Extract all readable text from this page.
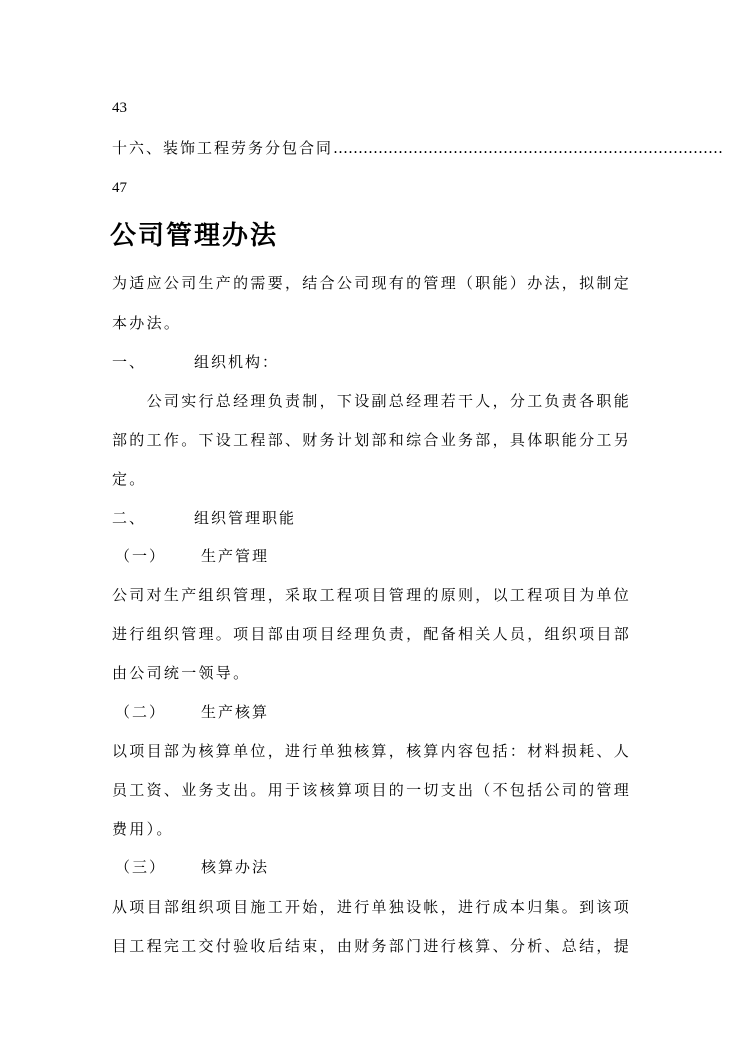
43
十六、 装饰工程劳务分包合同 ……………………………………………………………………
47
公司管理办法
为适应公司生产的需要，结合公司现有的管理（职能）办法，拟制定
本办法。
一、	组织机构：
　　公司实行总经理负责制，下设副总经理若干人，分工负责各职能
部的工作。下设工程部、财务计划部和综合业务部，具体职能分工另
定。
二、	组织管理职能
（一）	生产管理
公司对生产组织管理，采取工程项目管理的原则，以工程项目为单位
进行组织管理。项目部由项目经理负责，配备相关人员，组织项目部
由公司统一领导。
（二）	生产核算
以项目部为核算单位，进行单独核算，核算内容包括：材料损耗、人
员工资、业务支出。用于该核算项目的一切支出（不包括公司的管理
费用）。
（三）	核算办法
从项目部组织项目施工开始，进行单独设帐，进行成本归集。到该项
目工程完工交付验收后结束，由财务部门进行核算、分析、总结，提
